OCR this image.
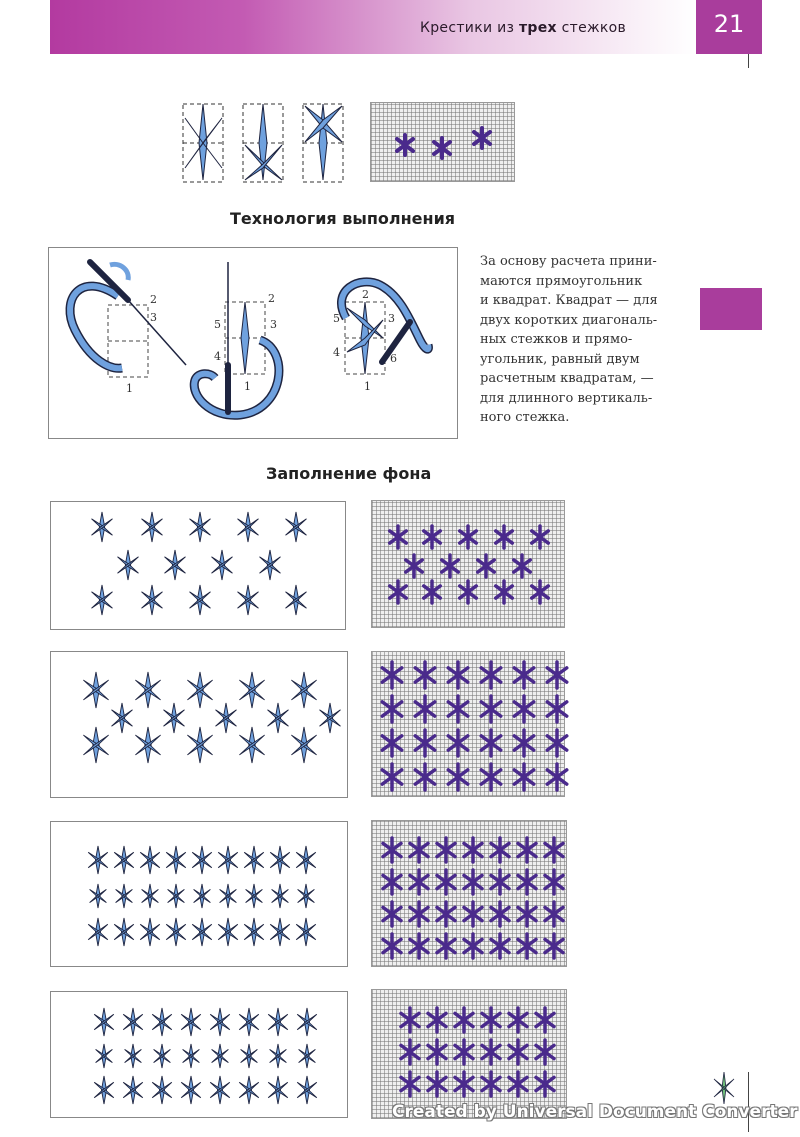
Крестики из трех стежков	21
Технология выполнения
2
3
1
2
5	3
4
1
2
5	3
4	6
1
За основу расчета прини-
маются прямоугольник
и квадрат. Квадрат — для
двух коротких диагональ-
ных стежков и прямо-
угольник, равный двум
расчетным квадратам, —
для длинного вертикаль-
ного стежка.
Заполнение фона
Created by Universal Document Converter
